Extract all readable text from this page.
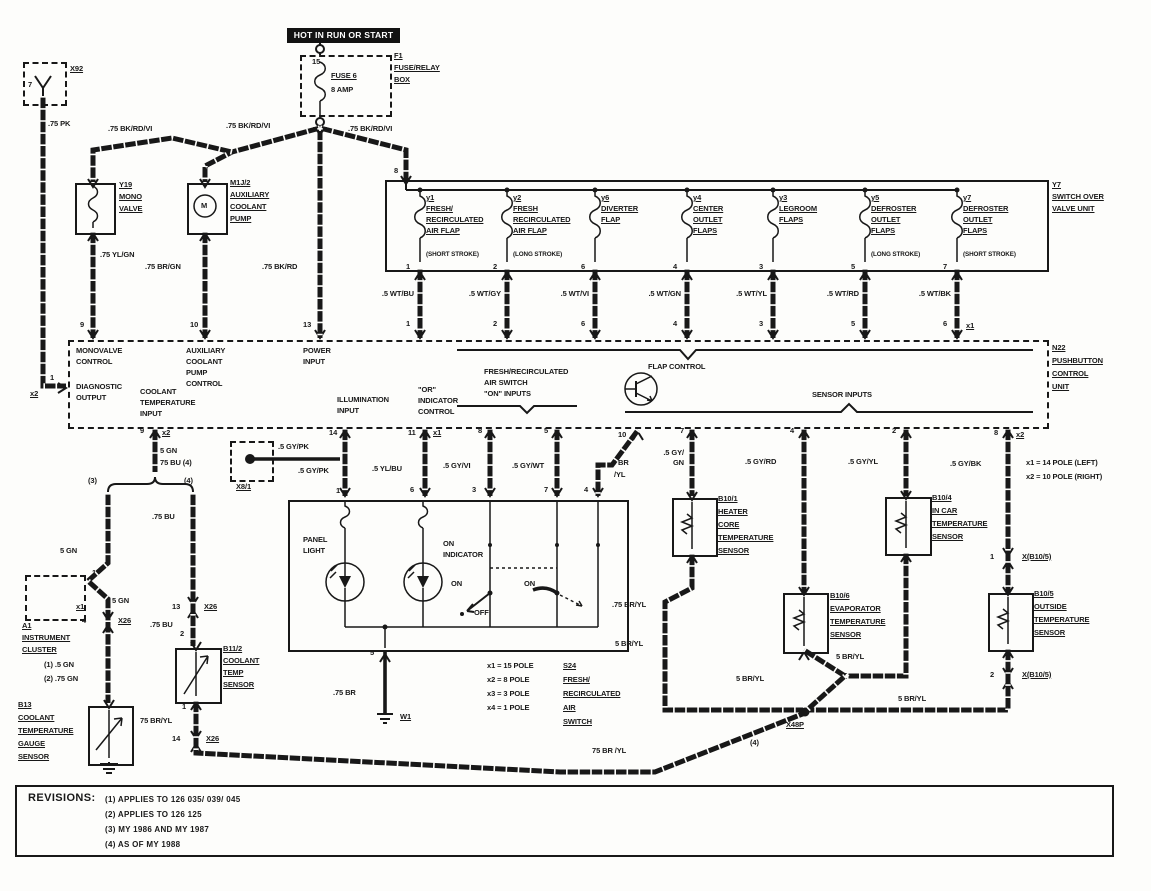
HOT IN RUN OR START
7
X92
.75 PK
15
FUSE 6
8 AMP
F1
FUSE/RELAY
BOX
.75 BK/RD/VI	.75 BK/RD/VI	.75 BK/RD/VI
Y19
MONO
VALVE	M
M1J/2
AUXILIARY
COOLANT
PUMP
.75 YL/GN
.75 BR/GN	.75 BK/RD
8
9	10	13
y1
FRESH/
RECIRCULATED
AIR FLAP
(SHORT STROKE)
y2
FRESH
RECIRCULATED
AIR FLAP
(LONG STROKE)
y6
DIVERTER
FLAP
y4
CENTER
OUTLET
FLAPS
y3
LEGROOM
FLAPS
y5
DEFROSTER
OUTLET
FLAPS
(LONG STROKE)
y7
DEFROSTER
OUTLET
FLAPS
(SHORT STROKE)
Y7
SWITCH OVER
VALVE UNIT
1	2	6	4	3	5	7
.5 WT/BU	.5 WT/GY	.5 WT/VI	.5 WT/GN	.5 WT/YL	.5 WT/RD	.5 WT/BK
1	2	6	4	3	5	6	x1
MONOVALVE
CONTROL
DIAGNOSTIC
OUTPUT
COOLANT
TEMPERATURE
INPUT
AUXILIARY
COOLANT
PUMP
CONTROL
POWER
INPUT
ILLUMINATION
INPUT
"OR"
INDICATOR
CONTROL
FRESH/RECIRCULATED
AIR SWITCH
"ON" INPUTS
FLAP CONTROL
SENSOR INPUTS
N22
PUSHBUTTON
CONTROL
UNIT
1
x2
9 x2	14	11 x1	8	5	10	7	4	2	8 x2
5 GN
75 BU (4)
(3)	(4)
5 GN
1
x1
5 GN
4	X26
(1) .5 GN
(2) .75 GN
A1
INSTRUMENT
CLUSTER
B13
COOLANT
TEMPERATURE
GAUGE
SENSOR
.75 BU
13	X26
.75 BU
2
B11/2
COOLANT
TEMP
SENSOR
1
75 BR/YL
14	X26
X8/1
.5 GY/PK
.5 GY/PK
1
.5 YL/BU
6
.5 GY/VI
3
.5 GY/WT
7
5 BR
/YL
4
PANEL
LIGHT
ON
INDICATOR
ON
OFF
ON
5
.75 BR
W1
x1 = 15 POLE
x2 = 8 POLE
x3 = 3 POLE
x4 = 1 POLE
S24
FRESH/
RECIRCULATED
AIR
SWITCH
.5 GY/
GN
B10/1
HEATER
CORE
TEMPERATURE
SENSOR
.75 BR/YL
5 BR/YL
.5 GY/RD
B10/6
EVAPORATOR
TEMPERATURE
SENSOR
5 BR/YL
5 BR/YL
.5 GY/YL
B10/4
IN CAR
TEMPERATURE
SENSOR
.5 GY/BK
1	X(B10/5)
B10/5
OUTSIDE
TEMPERATURE
SENSOR
2	X(B10/5)
5 BR/YL
x1 = 14 POLE (LEFT)
x2 = 10 POLE (RIGHT)
X48P
(4)
75 BR /YL
REVISIONS: (1) APPLIES TO 126 035/ 039/ 045
(2) APPLIES TO 126 125
(3) MY 1986 AND MY 1987
(4) AS OF MY 1988
